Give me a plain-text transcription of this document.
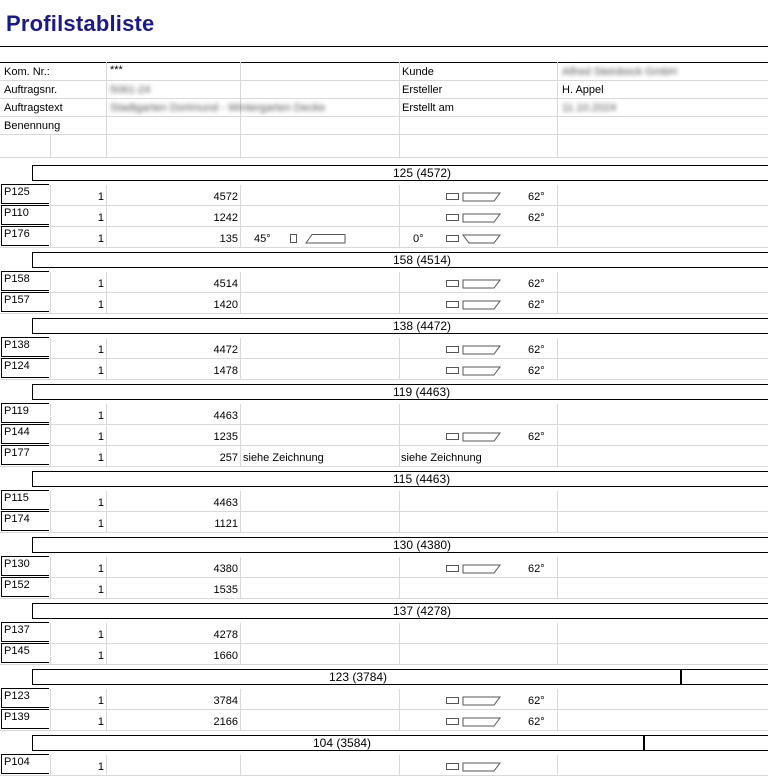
Profilstabliste
Kom. Nr.:	***
Auftragsnr.	5061-24
Auftragstext	Stadtgarten Dortmund - Wintergarten Decke
Benennung
Kunde	Alfred Steinbock GmbH
Ersteller	H. Appel
Erstellt am	11.10.2024
125 (4572)
P125	1	4572	62°
P110	1	1242	62°
P176	1	135 45°	0°
158 (4514)
P158	1	4514	62°
P157	1	1420	62°
138 (4472)
P138	1	4472	62°
P124	1	1478	62°
119 (4463)
P119	1	4463
P144	1	1235	62°
P177	1	257 siehe Zeichnung	siehe Zeichnung
115 (4463)
P115	1	4463
P174	1	1121
130 (4380)
P130	1	4380	62°
P152	1	1535
137 (4278)
P137	1	4278
P145	1	1660
123 (3784)
P123	1	3784	62°
P139	1	2166	62°
104 (3584)
P104	1
